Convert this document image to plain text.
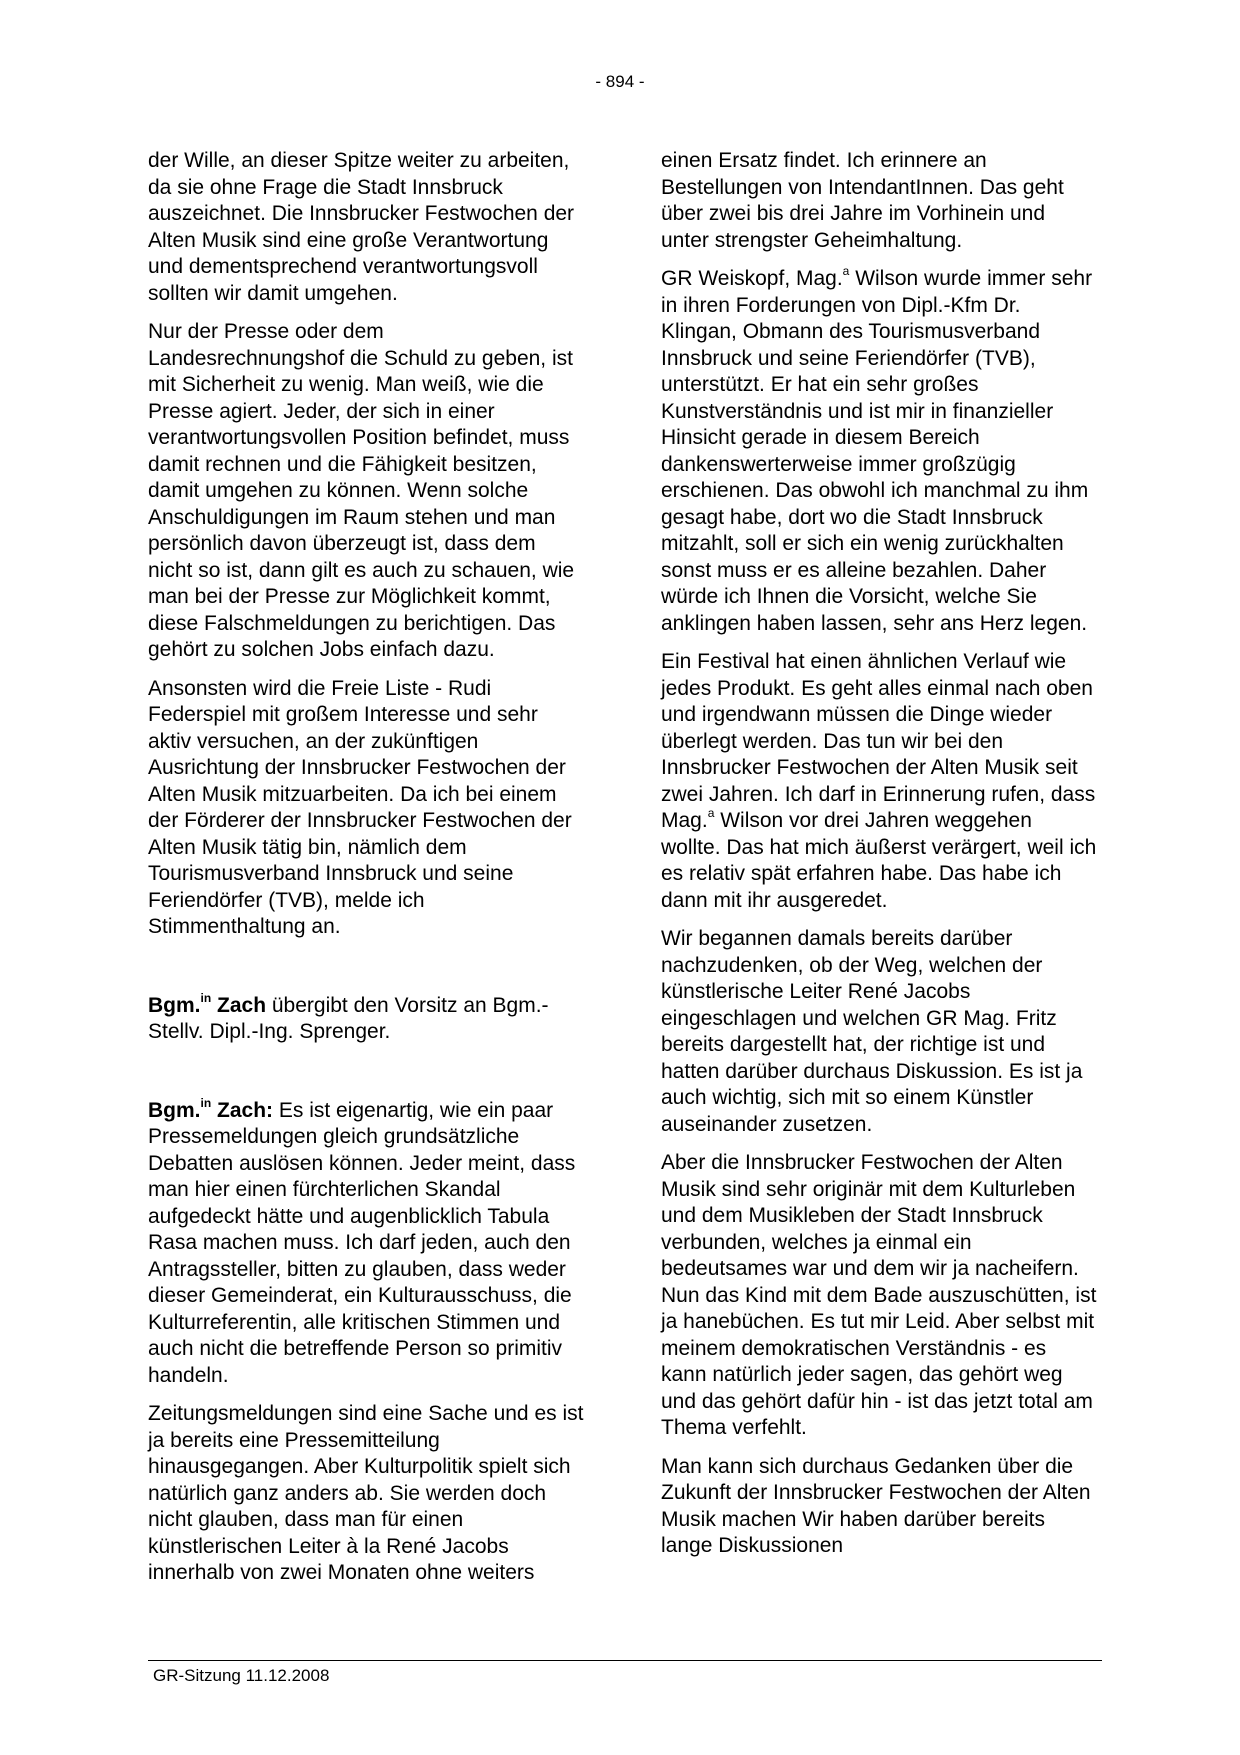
- 894 -

der Wille, an dieser Spitze weiter zu arbeiten, da sie ohne Frage die Stadt Innsbruck auszeichnet. Die Innsbrucker Festwochen der Alten Musik sind eine große Verantwortung und dementsprechend verantwortungsvoll sollten wir damit umgehen.

Nur der Presse oder dem Landesrechnungshof die Schuld zu geben, ist mit Sicherheit zu wenig. Man weiß, wie die Presse agiert. Jeder, der sich in einer verantwortungsvollen Position befindet, muss damit rechnen und die Fähigkeit besitzen, damit umgehen zu können. Wenn solche Anschuldigungen im Raum stehen und man persönlich davon überzeugt ist, dass dem nicht so ist, dann gilt es auch zu schauen, wie man bei der Presse zur Möglichkeit kommt, diese Falschmeldungen zu berichtigen. Das gehört zu solchen Jobs einfach dazu.

Ansonsten wird die Freie Liste - Rudi Federspiel mit großem Interesse und sehr aktiv versuchen, an der zukünftigen Ausrichtung der Innsbrucker Festwochen der Alten Musik mitzuarbeiten. Da ich bei einem der Förderer der Innsbrucker Festwochen der Alten Musik tätig bin, nämlich dem Tourismusverband Innsbruck und seine Feriendörfer (TVB), melde ich Stimmenthaltung an.

Bgm.$^{in}$ Zach übergibt den Vorsitz an Bgm.-Stellv. Dipl.-Ing. Sprenger.

Bgm.$^{in}$ Zach: Es ist eigenartig, wie ein paar Pressemeldungen gleich grundsätzliche Debatten auslösen können. Jeder meint, dass man hier einen fürchterlichen Skandal aufgedeckt hätte und augenblicklich Tabula Rasa machen muss. Ich darf jeden, auch den Antragssteller, bitten zu glauben, dass weder dieser Gemeinderat, ein Kulturausschuss, die Kulturreferentin, alle kritischen Stimmen und auch nicht die betreffende Person so primitiv handeln.

Zeitungsmeldungen sind eine Sache und es ist ja bereits eine Pressemitteilung hinausgegangen. Aber Kulturpolitik spielt sich natürlich ganz anders ab. Sie werden doch nicht glauben, dass man für einen künstlerischen Leiter à la René Jacobs innerhalb von zwei Monaten ohne weiters

einen Ersatz findet. Ich erinnere an Bestellungen von IntendantInnen. Das geht über zwei bis drei Jahre im Vorhinein und unter strengster Geheimhaltung.

GR Weiskopf, Mag.$^a$ Wilson wurde immer sehr in ihren Forderungen von Dipl.-Kfm Dr. Klingan, Obmann des Tourismusverband Innsbruck und seine Feriendörfer (TVB), unterstützt. Er hat ein sehr großes Kunstverständnis und ist mir in finanzieller Hinsicht gerade in diesem Bereich dankenswerterweise immer großzügig erschienen. Das obwohl ich manchmal zu ihm gesagt habe, dort wo die Stadt Innsbruck mitzahlt, soll er sich ein wenig zurückhalten sonst muss er es alleine bezahlen. Daher würde ich Ihnen die Vorsicht, welche Sie anklingen haben lassen, sehr ans Herz legen.

Ein Festival hat einen ähnlichen Verlauf wie jedes Produkt. Es geht alles einmal nach oben und irgendwann müssen die Dinge wieder überlegt werden. Das tun wir bei den Innsbrucker Festwochen der Alten Musik seit zwei Jahren. Ich darf in Erinnerung rufen, dass Mag.$^a$ Wilson vor drei Jahren weggehen wollte. Das hat mich äußerst verärgert, weil ich es relativ spät erfahren habe. Das habe ich dann mit ihr ausgeredet.

Wir begannen damals bereits darüber nachzudenken, ob der Weg, welchen der künstlerische Leiter René Jacobs eingeschlagen und welchen GR Mag. Fritz bereits dargestellt hat, der richtige ist und hatten darüber durchaus Diskussion. Es ist ja auch wichtig, sich mit so einem Künstler auseinander zusetzen.

Aber die Innsbrucker Festwochen der Alten Musik sind sehr originär mit dem Kulturleben und dem Musikleben der Stadt Innsbruck verbunden, welches ja einmal ein bedeutsames war und dem wir ja nacheifern. Nun das Kind mit dem Bade auszuschütten, ist ja hanebüchen. Es tut mir Leid. Aber selbst mit meinem demokratischen Verständnis - es kann natürlich jeder sagen, das gehört weg und das gehört dafür hin - ist das jetzt total am Thema verfehlt.

Man kann sich durchaus Gedanken über die Zukunft der Innsbrucker Festwochen der Alten Musik machen Wir haben darüber bereits lange Diskussionen

GR-Sitzung 11.12.2008
